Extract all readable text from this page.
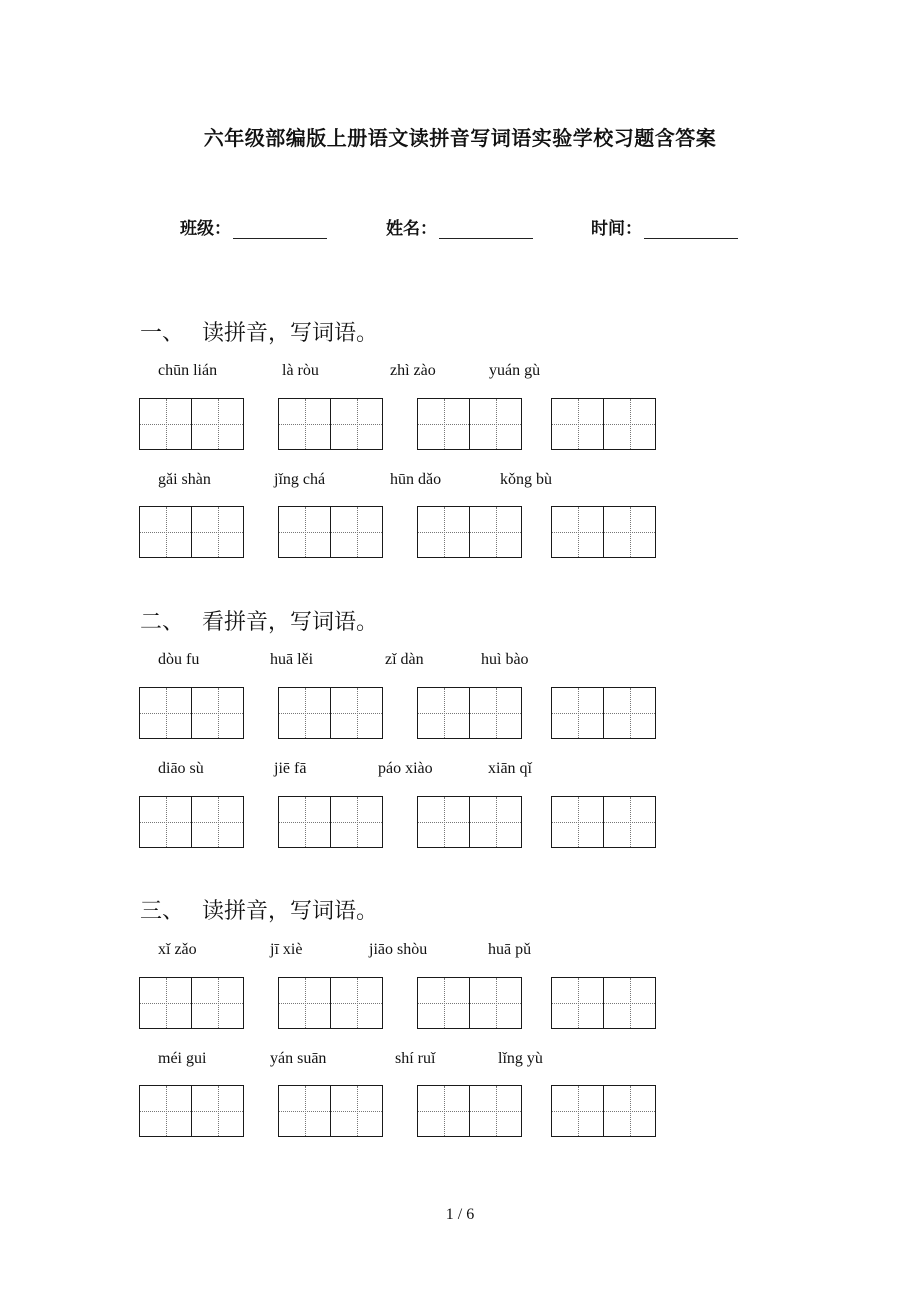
六年级部编版上册语文读拼音写词语实验学校习题含答案
班级：	姓名：	时间：
一、 读拼音，写词语。
chūn lián	là ròu	zhì zào	yuán gù
gǎi shàn	jǐng chá	hūn dǎo	kǒng bù
二、 看拼音，写词语。
dòu fu	huā lěi	zǐ dàn	huì bào
diāo sù	jiē fā	páo xiào	xiān qǐ
三、 读拼音，写词语。
xǐ zǎo	jī xiè	jiāo shòu	huā pǔ
méi gui	yán suān	shí ruǐ	lǐng yù
1 / 6
